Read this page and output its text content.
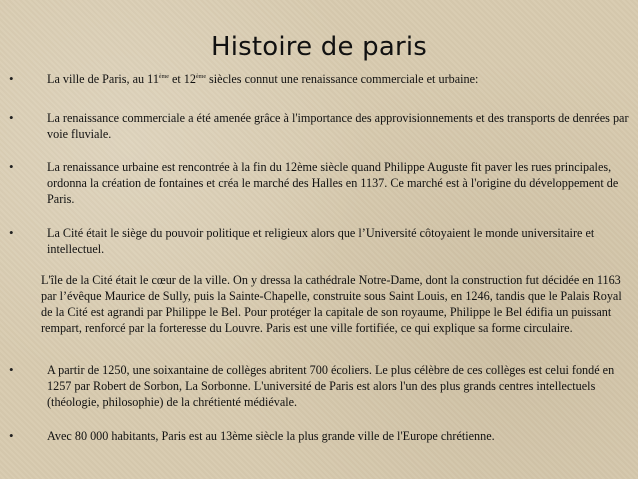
Histoire de paris
•	La ville de Paris, au 11ème et 12ème siècles connut une renaissance commerciale et urbaine:
•	La renaissance commerciale a été amenée grâce à l'importance des approvisionnements et des transports de denrées par voie fluviale.
•	La renaissance urbaine est rencontrée à la fin du 12ème siècle quand Philippe Auguste fit paver les rues principales, ordonna la création de fontaines et créa le marché des Halles en 1137. Ce marché est à l'origine du développement de Paris.
•	La Cité était le siège du pouvoir politique et religieux alors que l’Université côtoyaient le monde universitaire et intellectuel.
L'île de la Cité était le cœur de la ville. On y dressa la cathédrale Notre-Dame, dont la construction fut décidée en 1163 par l’évêque Maurice de Sully, puis la Sainte-Chapelle, construite sous Saint Louis, en 1246, tandis que le Palais Royal de la Cité est agrandi par Philippe le Bel. Pour protéger la capitale de son royaume, Philippe le Bel édifia un puissant rempart, renforcé par la forteresse du Louvre. Paris est une ville fortifiée, ce qui explique sa forme circulaire.
•	A partir de 1250, une soixantaine de collèges abritent 700 écoliers. Le plus célèbre de ces collèges est celui fondé en 1257 par Robert de Sorbon, La Sorbonne. L'université de Paris est alors l'un des plus grands centres intellectuels (théologie, philosophie) de la chrétienté médiévale.
•	Avec 80 000 habitants, Paris est au 13ème siècle la plus grande ville de l'Europe chrétienne.
